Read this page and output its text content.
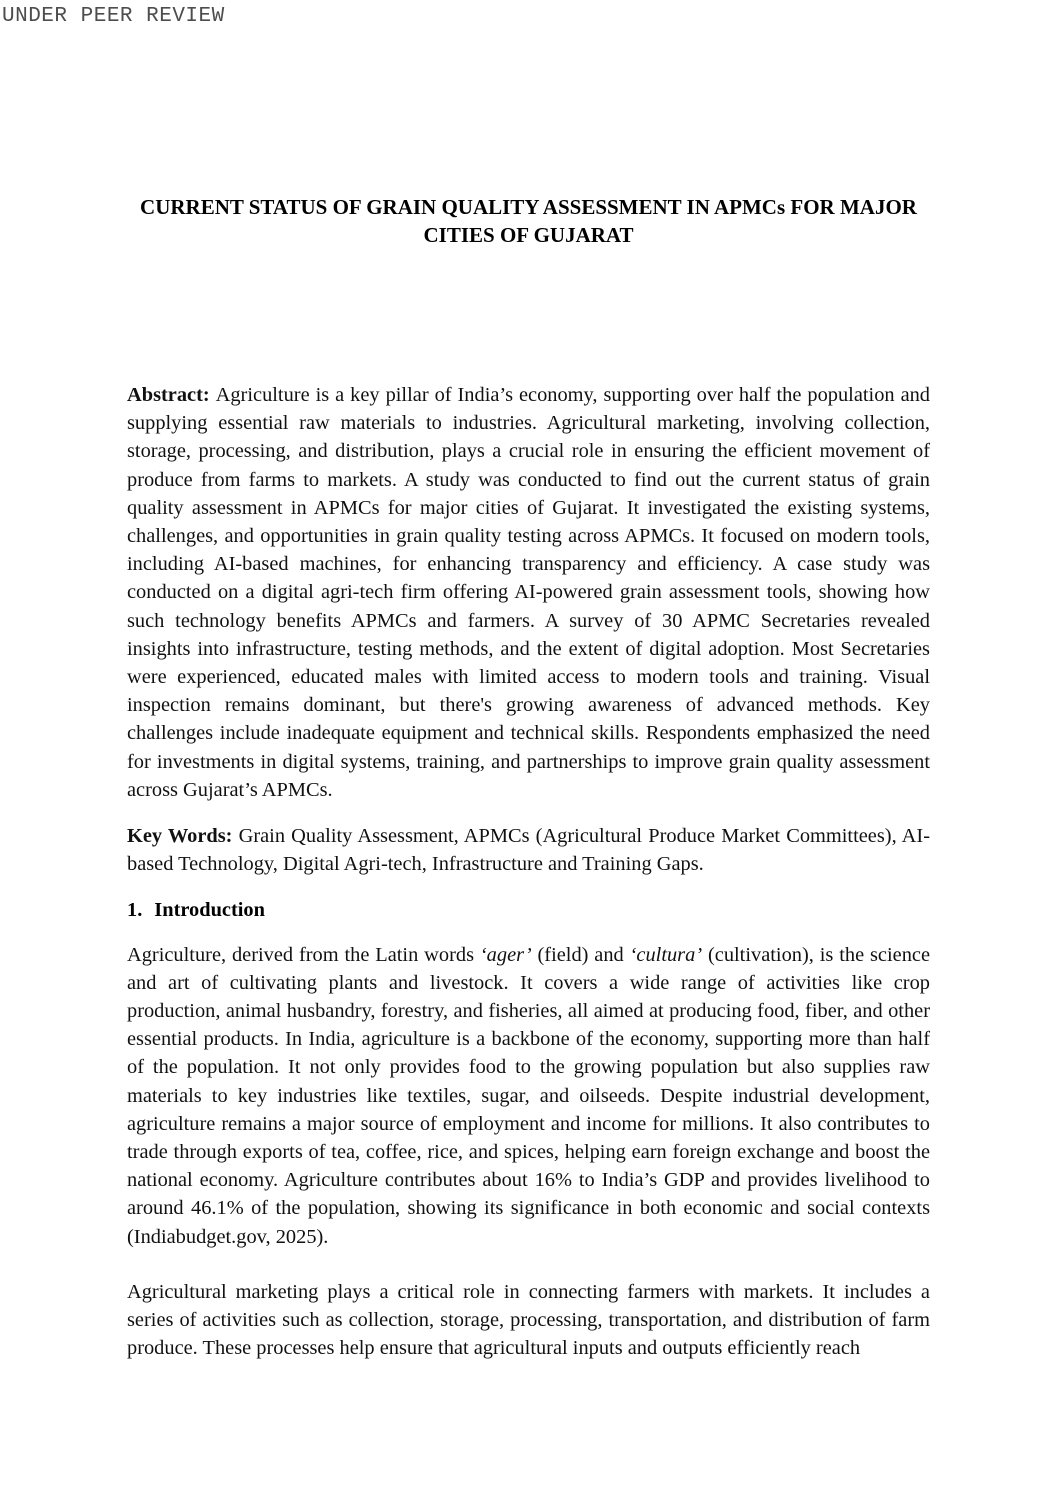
UNDER PEER REVIEW
CURRENT STATUS OF GRAIN QUALITY ASSESSMENT IN APMCs FOR MAJOR
CITIES OF GUJARAT

Abstract: Agriculture is a key pillar of India’s economy, supporting over half the population and supplying essential raw materials to industries. Agricultural marketing, involving collection, storage, processing, and distribution, plays a crucial role in ensuring the efficient movement of produce from farms to markets. A study was conducted to find out the current status of grain quality assessment in APMCs for major cities of Gujarat. It investigated the existing systems, challenges, and opportunities in grain quality testing across APMCs. It focused on modern tools, including AI-based machines, for enhancing transparency and efficiency. A case study was conducted on a digital agri-tech firm offering AI-powered grain assessment tools, showing how such technology benefits APMCs and farmers. A survey of 30 APMC Secretaries revealed insights into infrastructure, testing methods, and the extent of digital adoption. Most Secretaries were experienced, educated males with limited access to modern tools and training. Visual inspection remains dominant, but there's growing awareness of advanced methods. Key challenges include inadequate equipment and technical skills. Respondents emphasized the need for investments in digital systems, training, and partnerships to improve grain quality assessment across Gujarat’s APMCs.

Key Words: Grain Quality Assessment, APMCs (Agricultural Produce Market Committees), AI-based Technology, Digital Agri-tech, Infrastructure and Training Gaps.

1. Introduction

Agriculture, derived from the Latin words ‘ager’ (field) and ‘cultura’ (cultivation), is the science and art of cultivating plants and livestock. It covers a wide range of activities like crop production, animal husbandry, forestry, and fisheries, all aimed at producing food, fiber, and other essential products. In India, agriculture is a backbone of the economy, supporting more than half of the population. It not only provides food to the growing population but also supplies raw materials to key industries like textiles, sugar, and oilseeds. Despite industrial development, agriculture remains a major source of employment and income for millions. It also contributes to trade through exports of tea, coffee, rice, and spices, helping earn foreign exchange and boost the national economy. Agriculture contributes about 16% to India’s GDP and provides livelihood to around 46.1% of the population, showing its significance in both economic and social contexts (Indiabudget.gov, 2025).

Agricultural marketing plays a critical role in connecting farmers with markets. It includes a series of activities such as collection, storage, processing, transportation, and distribution of farm produce. These processes help ensure that agricultural inputs and outputs efficiently reach
